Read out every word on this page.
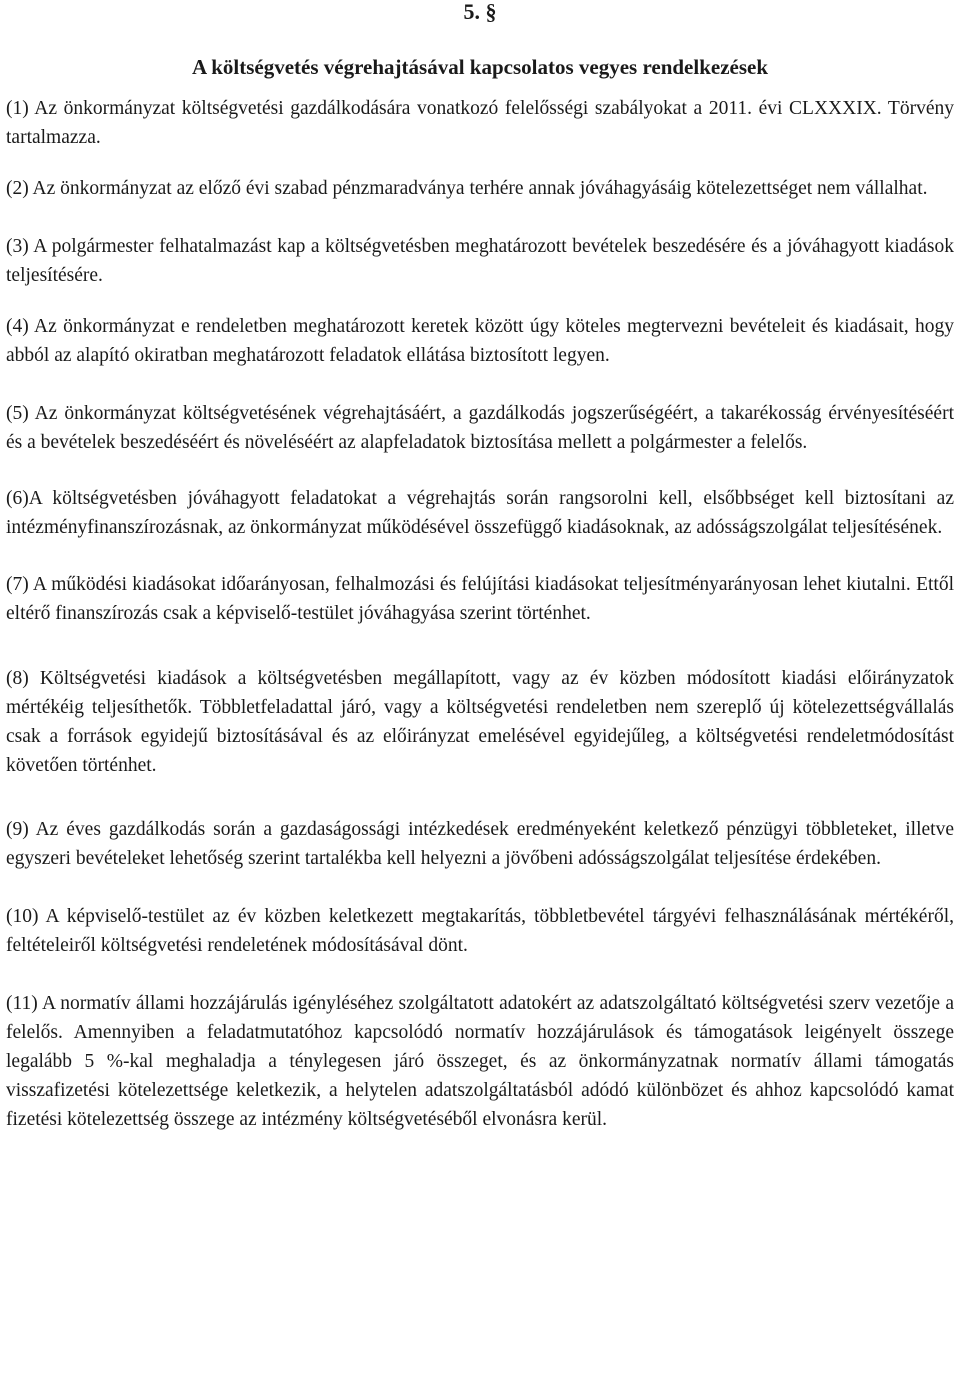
5. §

A költségvetés végrehajtásával kapcsolatos vegyes rendelkezések

(1) Az önkormányzat költségvetési gazdálkodására vonatkozó felelősségi szabályokat a 2011. évi CLXXXIX. Törvény tartalmazza.

(2) Az önkormányzat az előző évi szabad pénzmaradványa terhére annak jóváhagyásáig kötelezettséget nem vállalhat.

(3) A polgármester felhatalmazást kap a költségvetésben meghatározott bevételek beszedésére és a jóváhagyott kiadások teljesítésére.

(4) Az önkormányzat e rendeletben meghatározott keretek között úgy köteles megtervezni bevételeit és kiadásait, hogy abból az alapító okiratban meghatározott feladatok ellátása biztosított legyen.

(5) Az önkormányzat költségvetésének végrehajtásáért, a gazdálkodás jogszerűségéért, a takarékosság érvényesítéséért és a bevételek beszedéséért és növeléséért az alapfeladatok biztosítása mellett a polgármester a felelős.

(6)A költségvetésben jóváhagyott feladatokat a végrehajtás során rangsorolni kell, elsőbbséget kell biztosítani az intézményfinanszírozásnak, az önkormányzat működésével összefüggő kiadásoknak, az adósságszolgálat teljesítésének.

(7) A működési kiadásokat időarányosan, felhalmozási és felújítási kiadásokat teljesítményarányosan lehet kiutalni. Ettől eltérő finanszírozás csak a képviselő-testület jóváhagyása szerint történhet.

(8) Költségvetési kiadások a költségvetésben megállapított, vagy az év közben módosított kiadási előirányzatok mértékéig teljesíthetők. Többletfeladattal járó, vagy a költségvetési rendeletben nem szereplő új kötelezettségvállalás csak a források egyidejű biztosításával és az előirányzat emelésével egyidejűleg, a költségvetési rendeletmódosítást követően történhet.

(9) Az éves gazdálkodás során a gazdaságossági intézkedések eredményeként keletkező pénzügyi többleteket, illetve egyszeri bevételeket lehetőség szerint tartalékba kell helyezni a jövőbeni adósságszolgálat teljesítése érdekében.

(10) A képviselő-testület az év közben keletkezett megtakarítás, többletbevétel tárgyévi felhasználásának mértékéről, feltételeiről költségvetési rendeletének módosításával dönt.

(11) A normatív állami hozzájárulás igényléséhez szolgáltatott adatokért az adatszolgáltató költségvetési szerv vezetője a felelős. Amennyiben a feladatmutatóhoz kapcsolódó normatív hozzájárulások és támogatások leigényelt összege legalább 5 %-kal meghaladja a ténylegesen járó összeget, és az önkormányzatnak normatív állami támogatás visszafizetési kötelezettsége keletkezik, a helytelen adatszolgáltatásból adódó különbözet és ahhoz kapcsolódó kamat fizetési kötelezettség összege az intézmény költségvetéséből elvonásra kerül.
